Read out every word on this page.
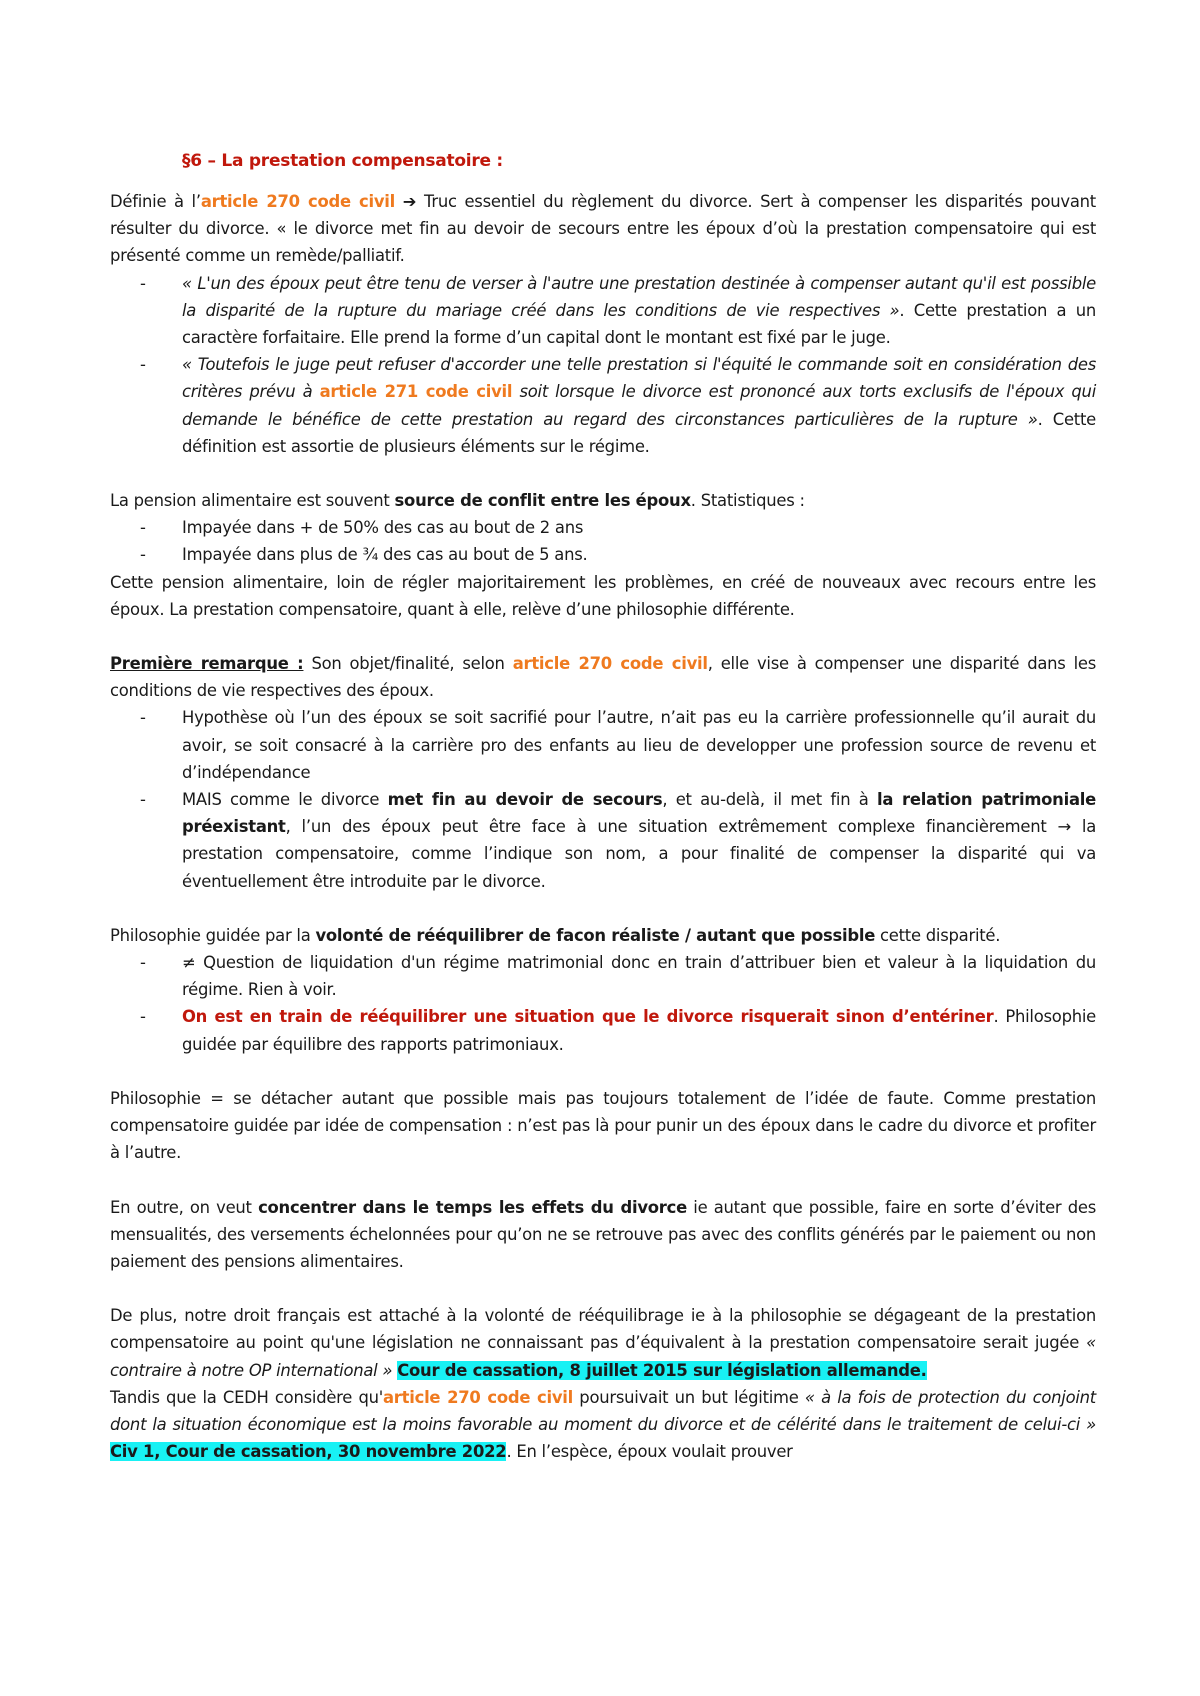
§6 – La prestation compensatoire :

Définie à l’article 270 code civil ➔ Truc essentiel du règlement du divorce. Sert à compenser les disparités pouvant résulter du divorce. « le divorce met fin au devoir de secours entre les époux d’où la prestation compensatoire qui est présenté comme un remède/palliatif.

- « L'un des époux peut être tenu de verser à l'autre une prestation destinée à compenser autant qu'il est possible la disparité de la rupture du mariage créé dans les conditions de vie respectives ». Cette prestation a un caractère forfaitaire. Elle prend la forme d’un capital dont le montant est fixé par le juge.
- « Toutefois le juge peut refuser d'accorder une telle prestation si l'équité le commande soit en considération des critères prévu à article 271 code civil soit lorsque le divorce est prononcé aux torts exclusifs de l'époux qui demande le bénéfice de cette prestation au regard des circonstances particulières de la rupture ». Cette définition est assortie de plusieurs éléments sur le régime.

La pension alimentaire est souvent source de conflit entre les époux. Statistiques :

- Impayée dans + de 50% des cas au bout de 2 ans
- Impayée dans plus de ¾ des cas au bout de 5 ans.

Cette pension alimentaire, loin de régler majoritairement les problèmes, en créé de nouveaux avec recours entre les époux. La prestation compensatoire, quant à elle, relève d’une philosophie différente.

Première remarque : Son objet/finalité, selon article 270 code civil, elle vise à compenser une disparité dans les conditions de vie respectives des époux.

- Hypothèse où l’un des époux se soit sacrifié pour l’autre, n’ait pas eu la carrière professionnelle qu’il aurait du avoir, se soit consacré à la carrière pro des enfants au lieu de developper une profession source de revenu et d’indépendance
- MAIS comme le divorce met fin au devoir de secours, et au-delà, il met fin à la relation patrimoniale préexistant, l’un des époux peut être face à une situation extrêmement complexe financièrement → la prestation compensatoire, comme l’indique son nom, a pour finalité de compenser la disparité qui va éventuellement être introduite par le divorce.

Philosophie guidée par la volonté de rééquilibrer de facon réaliste / autant que possible cette disparité.

- ≠ Question de liquidation d'un régime matrimonial donc en train d’attribuer bien et valeur à la liquidation du régime. Rien à voir.
- On est en train de rééquilibrer une situation que le divorce risquerait sinon d’entériner. Philosophie guidée par équilibre des rapports patrimoniaux.

Philosophie = se détacher autant que possible mais pas toujours totalement de l’idée de faute. Comme prestation compensatoire guidée par idée de compensation : n’est pas là pour punir un des époux dans le cadre du divorce et profiter à l’autre.

En outre, on veut concentrer dans le temps les effets du divorce ie autant que possible, faire en sorte d’éviter des mensualités, des versements échelonnées pour qu’on ne se retrouve pas avec des conflits générés par le paiement ou non paiement des pensions alimentaires.

De plus, notre droit français est attaché à la volonté de rééquilibrage ie à la philosophie se dégageant de la prestation compensatoire au point qu'une législation ne connaissant pas d’équivalent à la prestation compensatoire serait jugée « contraire à notre OP international » Cour de cassation, 8 juillet 2015 sur législation allemande.

Tandis que la CEDH considère qu'article 270 code civil poursuivait un but légitime « à la fois de protection du conjoint dont la situation économique est la moins favorable au moment du divorce et de célérité dans le traitement de celui-ci » Civ 1, Cour de cassation, 30 novembre 2022. En l’espèce, époux voulait prouver
